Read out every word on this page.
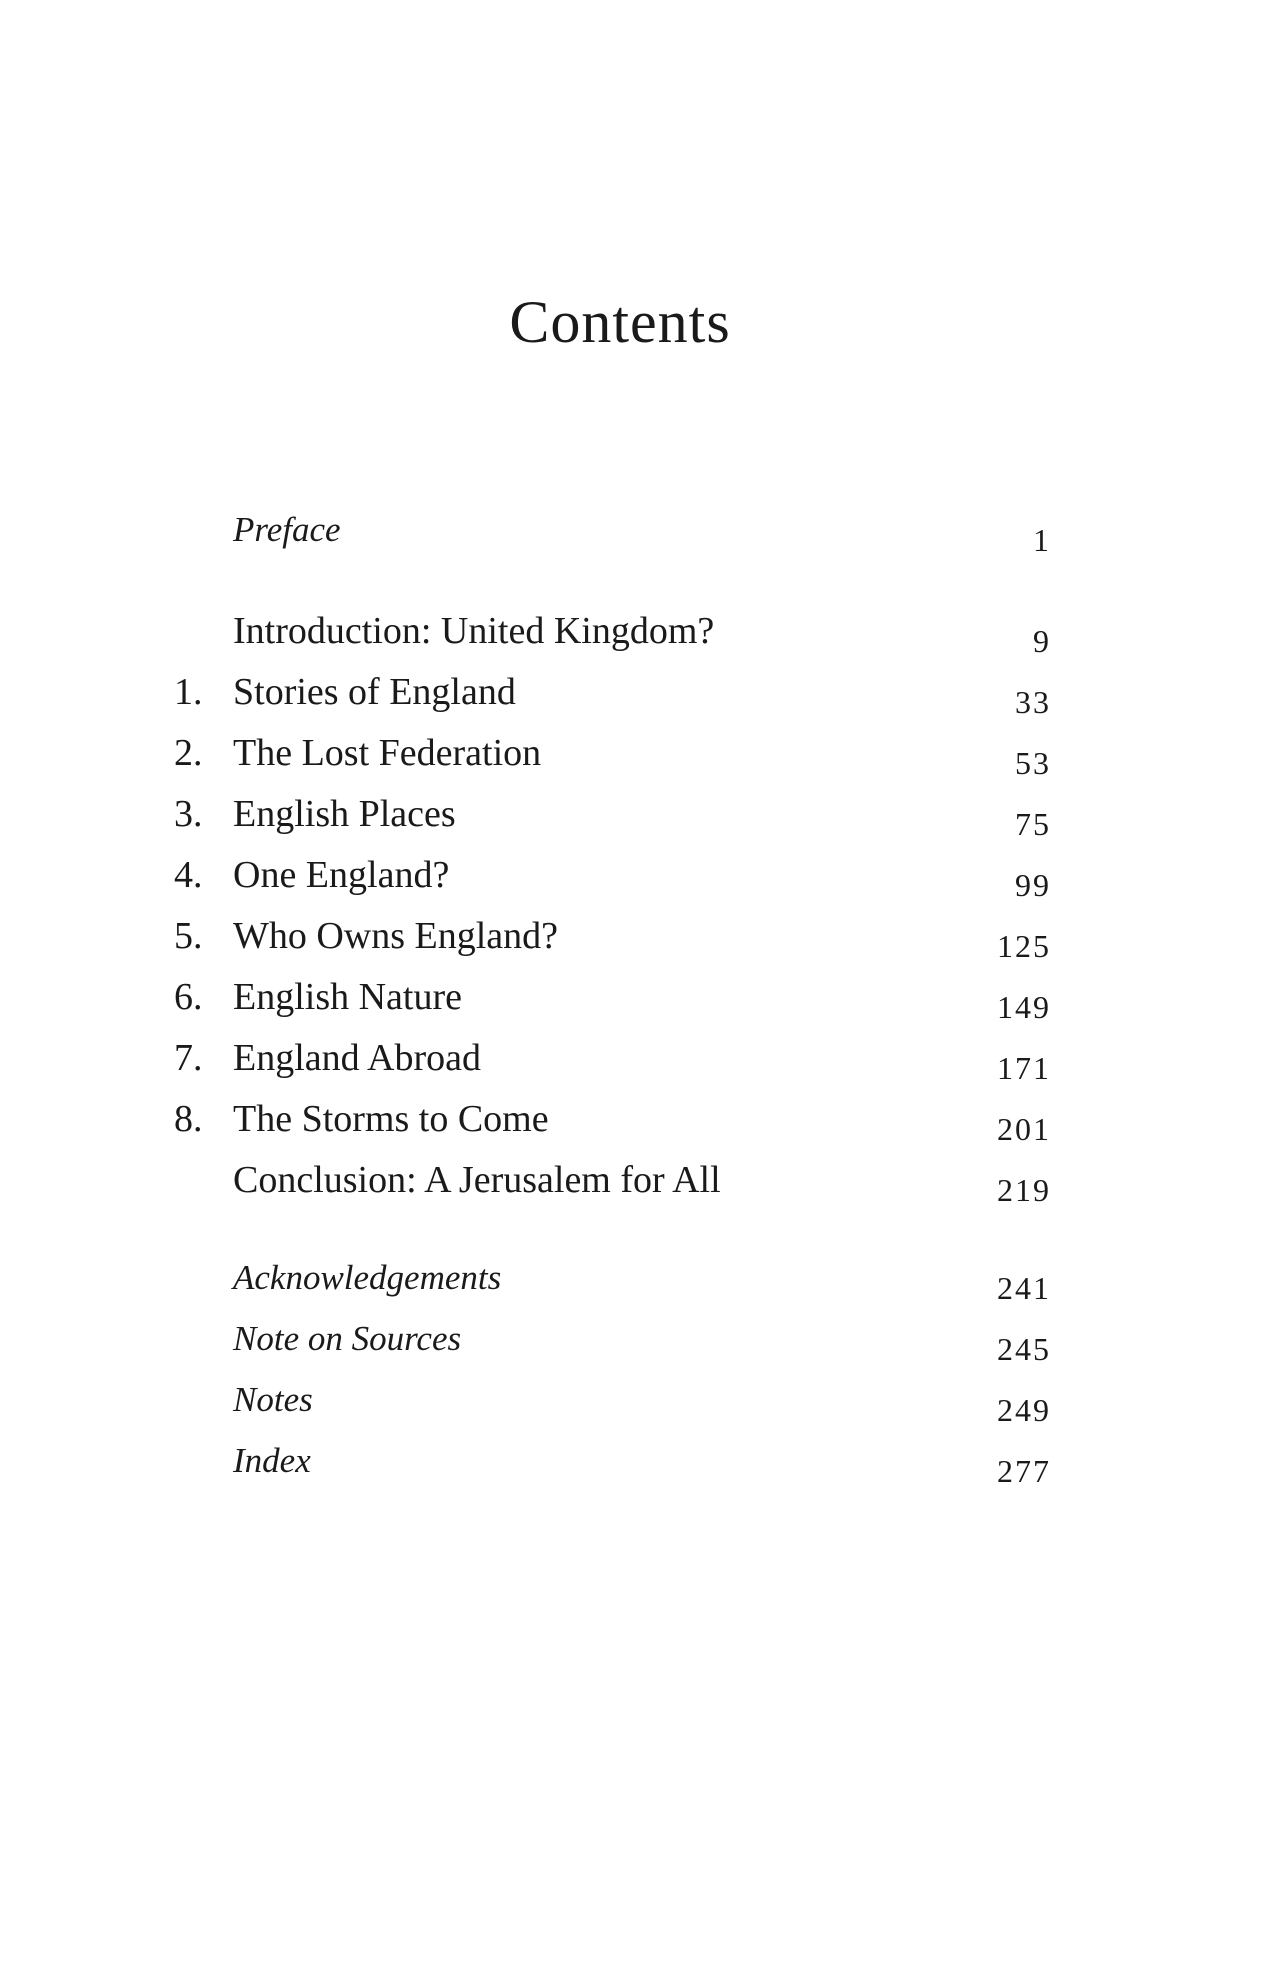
Contents
Preface	1
Introduction: United Kingdom?	9
1. Stories of England	33
2. The Lost Federation	53
3. English Places	75
4. One England?	99
5. Who Owns England?	125
6. English Nature	149
7. England Abroad	171
8. The Storms to Come	201
Conclusion: A Jerusalem for All	219
Acknowledgements	241
Note on Sources	245
Notes	249
Index	277
